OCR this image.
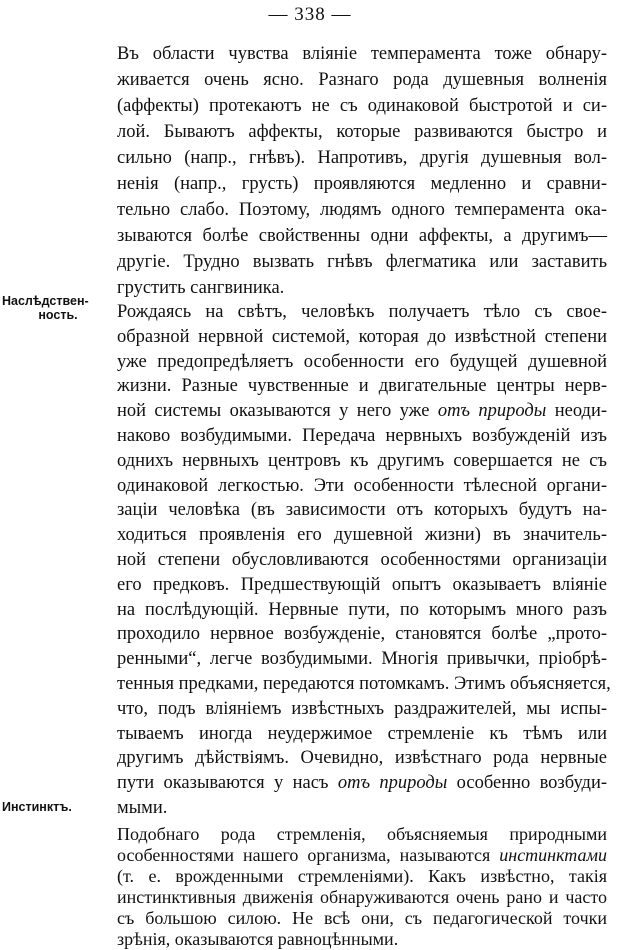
— 338 —
Въ области чувства вліяніе темперамента тоже обнару-
живается очень ясно. Разнаго рода душевныя волненія
(аффекты) протекаютъ не съ одинаковой быстротой и си-
лой. Бываютъ аффекты, которые развиваются быстро и
сильно (напр., гнѣвъ). Напротивъ, другія душевныя вол-
ненія (напр., грусть) проявляются медленно и сравни-
тельно слабо. Поэтому, людямъ одного темперамента ока-
зываются болѣе свойственны одни аффекты, а другимъ—
другіе. Трудно вызвать гнѣвъ флегматика или заставить
грустить сангвиника.
Наслѣдствен-
ность.	Рождаясь на свѣтъ, человѣкъ получаетъ тѣло съ свое-
образной нервной системой, которая до извѣстной степени
уже предопредѣляетъ особенности его будущей душевной
жизни. Разные чувственные и двигательные центры нерв-
ной системы оказываются у него уже отъ природы неоди-
наково возбудимыми. Передача нервныхъ возбужденій изъ
однихъ нервныхъ центровъ къ другимъ совершается не съ
одинаковой легкостью. Эти особенности тѣлесной органи-
заціи человѣка (въ зависимости отъ которыхъ будутъ на-
ходиться проявленія его душевной жизни) въ значитель-
ной степени обусловливаются особенностями организаціи
его предковъ. Предшествующій опытъ оказываетъ вліяніе
на послѣдующій. Нервные пути, по которымъ много разъ
проходило нервное возбужденіе, становятся болѣе „прото-
ренными“, легче возбудимыми. Многія привычки, пріобрѣ-
тенныя предками, передаются потомкамъ. Этимъ объясняется,
что, подъ вліяніемъ извѣстныхъ раздражителей, мы испы-
тываемъ иногда неудержимое стремленіе къ тѣмъ или
другимъ дѣйствіямъ. Очевидно, извѣстнаго рода нервные
пути оказываются у насъ отъ природы особенно возбуди-
мыми.
Инстинктъ.
Подобнаго рода стремленія, объясняемыя природными
особенностями нашего организма, называются инстинктами
(т. е. врожденными стремленіями). Какъ извѣстно, такія
инстинктивныя движенія обнаруживаются очень рано и часто
съ большою силою. Не всѣ они, съ педагогической точки
зрѣнія, оказываются равноцѣнными.
